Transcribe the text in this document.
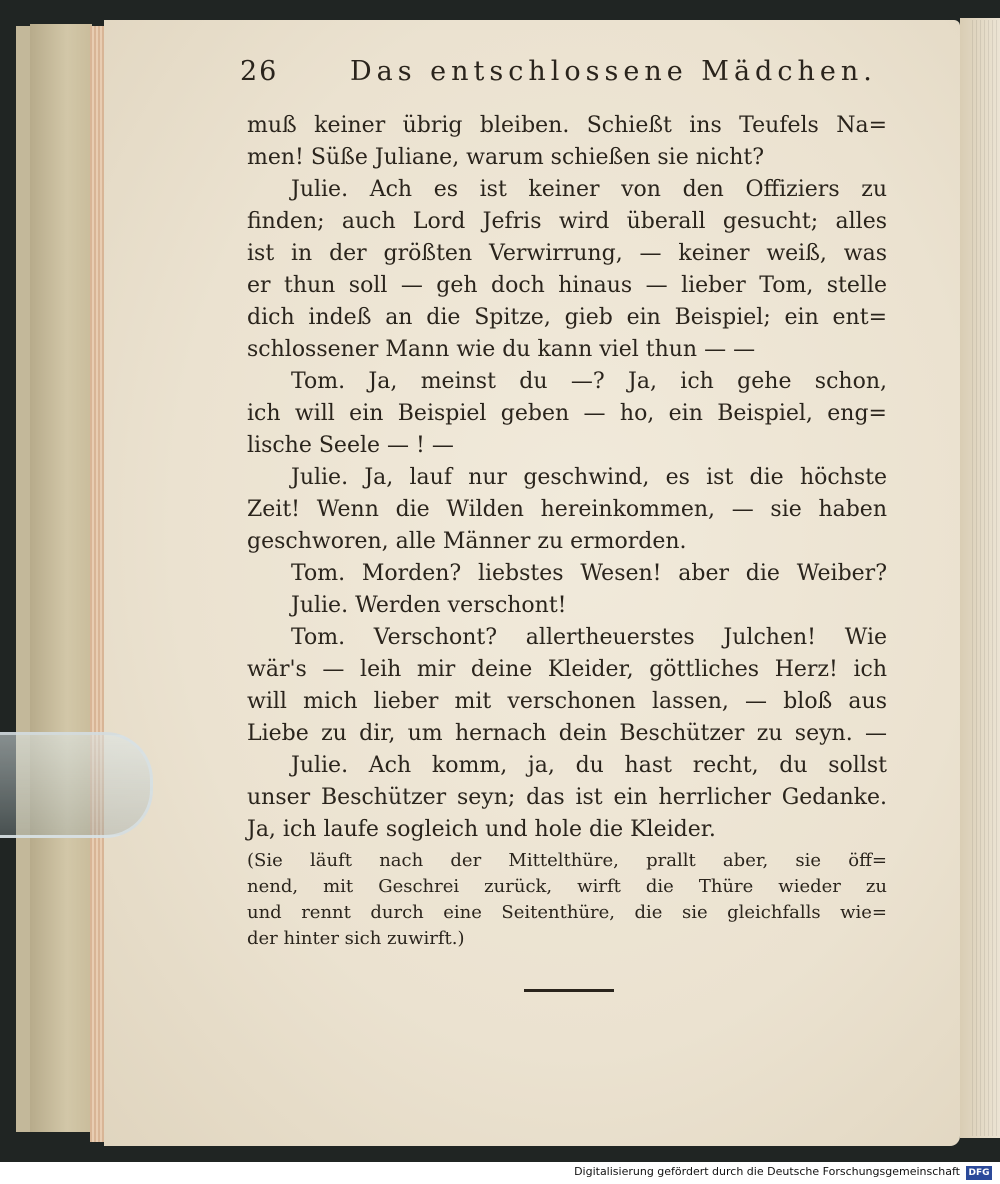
26	Das entschlossene Mädchen.
muß keiner übrig bleiben. Schießt ins Teufels Na=
men! Süße Juliane, warum schießen sie nicht?
Julie. Ach es ist keiner von den Offiziers zu
finden; auch Lord Jefris wird überall gesucht; alles
ist in der größten Verwirrung, — keiner weiß, was
er thun soll — geh doch hinaus — lieber Tom, stelle
dich indeß an die Spitze, gieb ein Beispiel; ein ent=
schlossener Mann wie du kann viel thun — —
Tom. Ja, meinst du —? Ja, ich gehe schon,
ich will ein Beispiel geben — ho, ein Beispiel, eng=
lische Seele — ! —
Julie. Ja, lauf nur geschwind, es ist die höchste
Zeit! Wenn die Wilden hereinkommen, — sie haben
geschworen, alle Männer zu ermorden.
Tom. Morden? liebstes Wesen! aber die Weiber?
Julie. Werden verschont!
Tom. Verschont? allertheuerstes Julchen! Wie
wär's — leih mir deine Kleider, göttliches Herz! ich
will mich lieber mit verschonen lassen, — bloß aus
Liebe zu dir, um hernach dein Beschützer zu seyn. —
Julie. Ach komm, ja, du hast recht, du sollst
unser Beschützer seyn; das ist ein herrlicher Gedanke.
Ja, ich laufe sogleich und hole die Kleider.
(Sie läuft nach der Mittelthüre, prallt aber, sie öff=
nend, mit Geschrei zurück, wirft die Thüre wieder zu
und rennt durch eine Seitenthüre, die sie gleichfalls wie=
der hinter sich zuwirft.)
Digitalisierung gefördert durch die Deutsche Forschungsgemeinschaft DFG
